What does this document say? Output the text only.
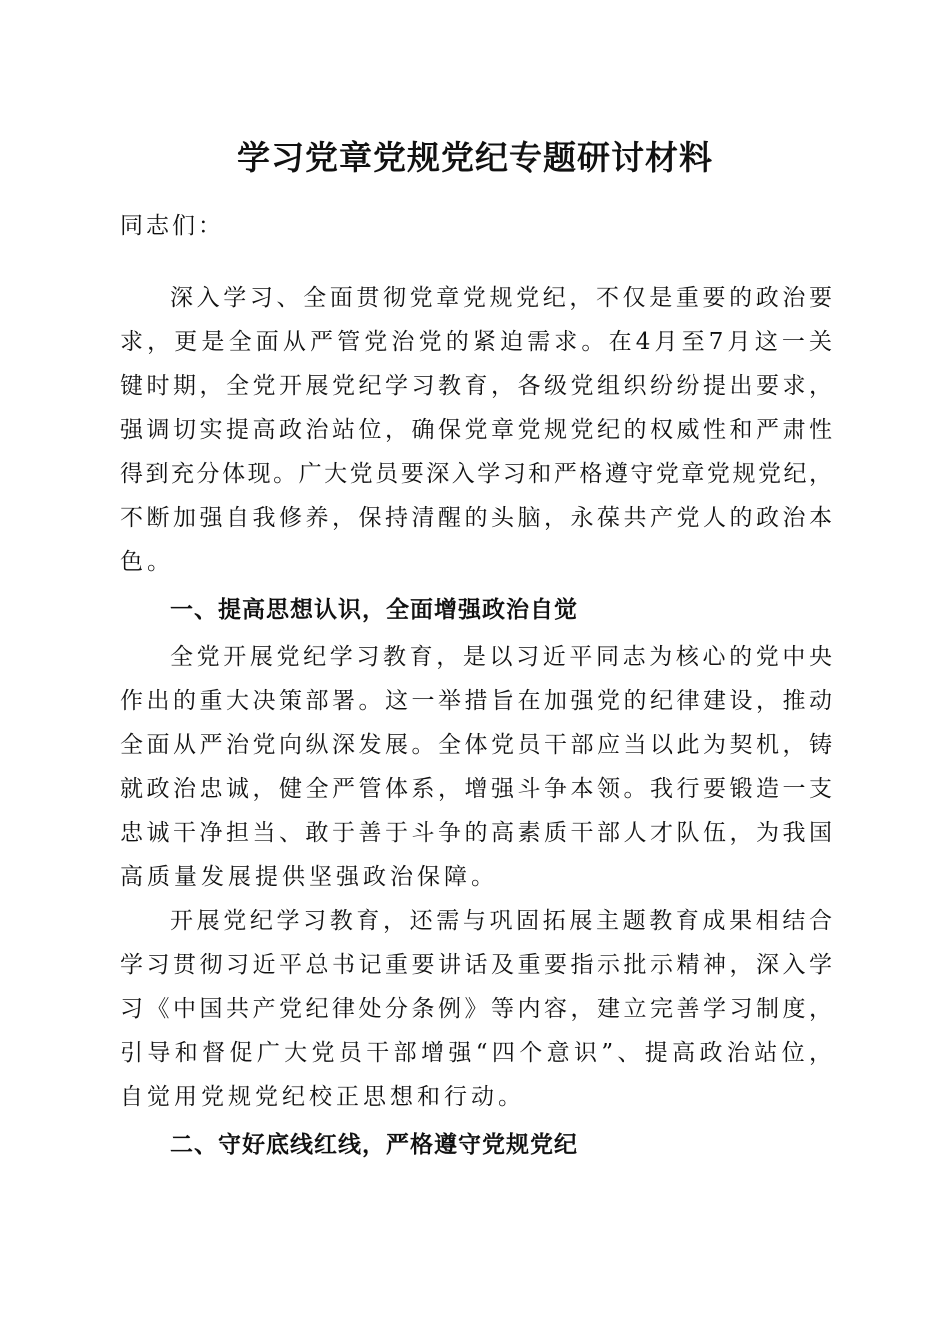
学习党章党规党纪专题研讨材料
同志们：
深入学习、全面贯彻党章党规党纪，不仅是重要的政治要
求，更是全面从严管党治党的紧迫需求。在4月至7月这一关
键时期，全党开展党纪学习教育，各级党组织纷纷提出要求，
强调切实提高政治站位，确保党章党规党纪的权威性和严肃性
得到充分体现。广大党员要深入学习和严格遵守党章党规党纪，
不断加强自我修养，保持清醒的头脑，永葆共产党人的政治本
色。
一、提高思想认识，全面增强政治自觉
全党开展党纪学习教育，是以习近平同志为核心的党中央
作出的重大决策部署。这一举措旨在加强党的纪律建设，推动
全面从严治党向纵深发展。全体党员干部应当以此为契机，铸
就政治忠诚，健全严管体系，增强斗争本领。我行要锻造一支
忠诚干净担当、敢于善于斗争的高素质干部人才队伍，为我国
高质量发展提供坚强政治保障。
开展党纪学习教育，还需与巩固拓展主题教育成果相结合
学习贯彻习近平总书记重要讲话及重要指示批示精神，深入学
习《中国共产党纪律处分条例》等内容，建立完善学习制度，
引导和督促广大党员干部增强“四个意识”、提高政治站位，
自觉用党规党纪校正思想和行动。
二、守好底线红线，严格遵守党规党纪
